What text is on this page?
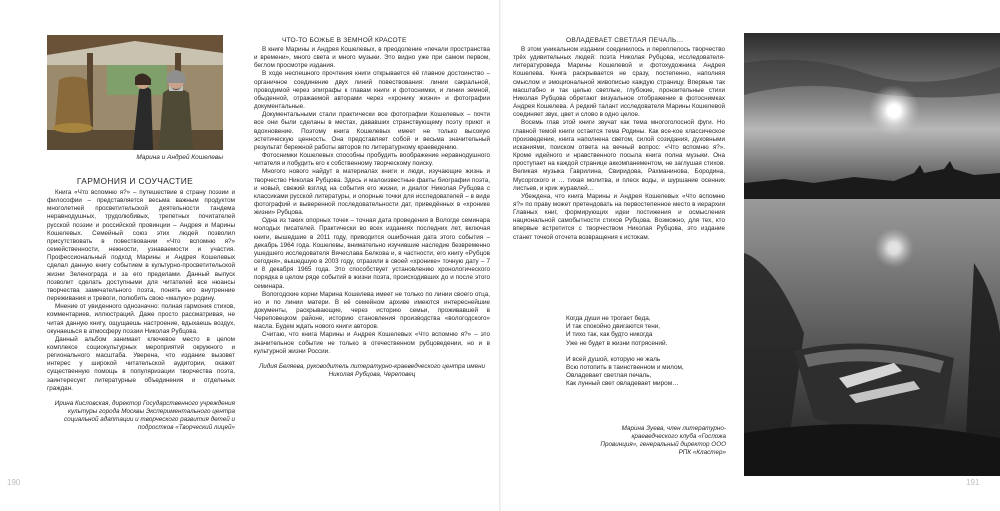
Марина и Андрей Кошелевы
ГАРМОНИЯ И СОУЧАСТИЕ

Книга «Что вспомню я?» – путешествие в страну поэзии и философии – представляется весьма важным продуктом многолетней просветительской деятельности тандема неравнодушных, трудолюбивых, трепетных почитателей русской поэзии и российской провинции – Андрея и Марины Кошелевых. Семейный союз этих людей позволил присутствовать в повествовании «Что вспомню я?» семейственности, нежности, узнаваемости и участия. Профессиональный подход Марины и Андрея Кошелевых сделал данную книгу событием в культурно-просветительской жизни Зеленограда и за его пределами. Данный выпуск позволит сделать доступными для читателей все нюансы творчества замечательного поэта, понять его внутренние переживания и тревоги, полюбить свою «малую» родину.

Мнение от увиденного однозначно: полная гармония стихов, комментариев, иллюстраций. Даже просто рассматривая, не читая данную книгу, ощущаешь настроение, вдыхаешь воздух, окунаешься в атмосферу поэзии Николая Рубцова.

Данный альбом занимает ключевое место в целом комплексе социокультурных мероприятий окружного и регионального масштаба. Уверена, что издание вызовет интерес у широкой читательской аудитории, окажет существенную помощь в популяризации творчества поэта, заинтересует литературные объединения и отдельных граждан.

Ирина Кисловская, директор Государственного учреждения культуры города Москвы Экспериментального центра социальной адаптации и творческого развития детей и подростков «Творческий лицей»

ЧТО-ТО БОЖЬЕ В ЗЕМНОЙ КРАСОТЕ

В книге Марины и Андрея Кошелевых, в преодоление «печали пространства и времени», много света и много музыки. Это видно уже при самом первом, беглом просмотре издания.

В ходе неспешного прочтения книги открывается её главное достоинство – органичное соединение двух линий повествования: линии сакральной, проводимой через эпиграфы к главам книги и фотоснимки, и линии земной, обыденной, отражаемой авторами через «хронику жизни» и фотографии документальные.

Документальными стали практически все фотографии Кошелевых – почти все они были сделаны в местах, дававших странствующему поэту приют и вдохновение. Поэтому книга Кошелевых имеет не только высокую эстетическую ценность. Она представляет собой и весьма значительный результат бережной работы авторов по литературному краеведению.

Фотоснимки Кошелевых способны пробудить воображение неравнодушного читателя и побудить его к собственному творческому поиску.

Многого нового найдут в материалах книги и люди, изучающие жизнь и творчество Николая Рубцова. Здесь и малоизвестные факты биографии поэта, и новый, свежий взгляд на события его жизни, и диалог Николая Рубцова с классиками русской литературы, и опорные точки для исследователей – в виде фотографий и выверенной последовательности дат, приведённых в «хронике жизни» Рубцова.

Одна из таких опорных точек – точная дата проведения в Вологде семинара молодых писателей. Практически во всех изданиях последних лет, включая книги, вышедшие в 2011 году, приводится ошибочная дата этого события – декабрь 1964 года. Кошелевы, внимательно изучившие наследие безвременно ушедшего исследователя Вячеслава Белкова и, в частности, его книгу «Рубцов сегодня», вышедшую в 2003 году, отразили в своей «хронике» точную дату – 7 и 8 декабря 1965 года. Это способствует установлению хронологического порядка в целом ряде событий в жизни поэта, происходивших до и после этого семинара.

Вологодские корни Марина Кошелева имеет не только по линии своего отца, но и по линии матери. В её семейном архиве имеются интереснейшие документы, раскрывающие, через историю семьи, проживавшей в Череповецком районе, историю становления производства «вологодского» масла. Будем ждать нового книги авторов.

Считаю, что книга Марины и Андрея Кошелевых «Что вспомню я?» – это значительное событие не только в отечественном рубцоведении, но и в культурной жизни России.

Лидия Беляева, руководитель литературно-краеведческого центра имени Николая Рубцова, Череповец

190
ОВЛАДЕВАЕТ СВЕТЛАЯ ПЕЧАЛЬ…

В этом уникальном издании соединилось и переплелось творчество трёх удивительных людей: поэта Николая Рубцова, исследователя-литературоведа Марины Кошелевой и фотохудожника Андрея Кошелева. Книга раскрывается не сразу, постепенно, наполняя смыслом и эмоциональной живописью каждую страницу. Впервые так масштабно и так целью светлые, глубокие, пронзительные стихи Николая Рубцова обретают визуальное отображение в фотоснимках Андрея Кошелева. А редкий талант исследователя Марины Кошелевой соединяет звук, цвет и слово в одно целое.

Восемь глав этой книги звучат как тема многоголосной фуги. Но главной темой книги остается тема Родины. Как все-кое классическое произведение, книга наполнена светом, силой созидания, духовными исканиями, поиском ответа на вечный вопрос: «Что вспомню я?». Кроме идейного и нравственного посыла книга полна музыки. Она проступает на каждой странице аккомпанементом, не заглушая стихов. Великая музыка Гаврилина, Свиридова, Рахманинова, Бородина, Мусоргского и … тихая молитва, и плеск воды, и шуршание осенних листьев, и крик журавлей…

Убеждена, что книга Марины и Андрея Кошелевых «Что вспомню я?» по праву может претендовать на первостепенное место в иерархии Главных книг, формирующих идеи постижения и осмысления национальной самобытности стихов Рубцова. Возможно, для тех, кто впервые встретится с творчеством Николая Рубцова, это издание станет точкой отсчета возвращения к истокам.

Когда души не трогает беда,
И так спокойно двигаются тени,
И тихо так, как будто никогда
Уже не будет в жизни потрясений.
И всей душой, которую не жаль
Всю потопить в таинственном и милом,
Овладевает светлая печаль,
Как лунный свет овладевает миром…
Марина Зуева, член литературно-краеведческого клуба «Госпожа Провинция», генеральный директор ООО РПК «Кластер»
191
